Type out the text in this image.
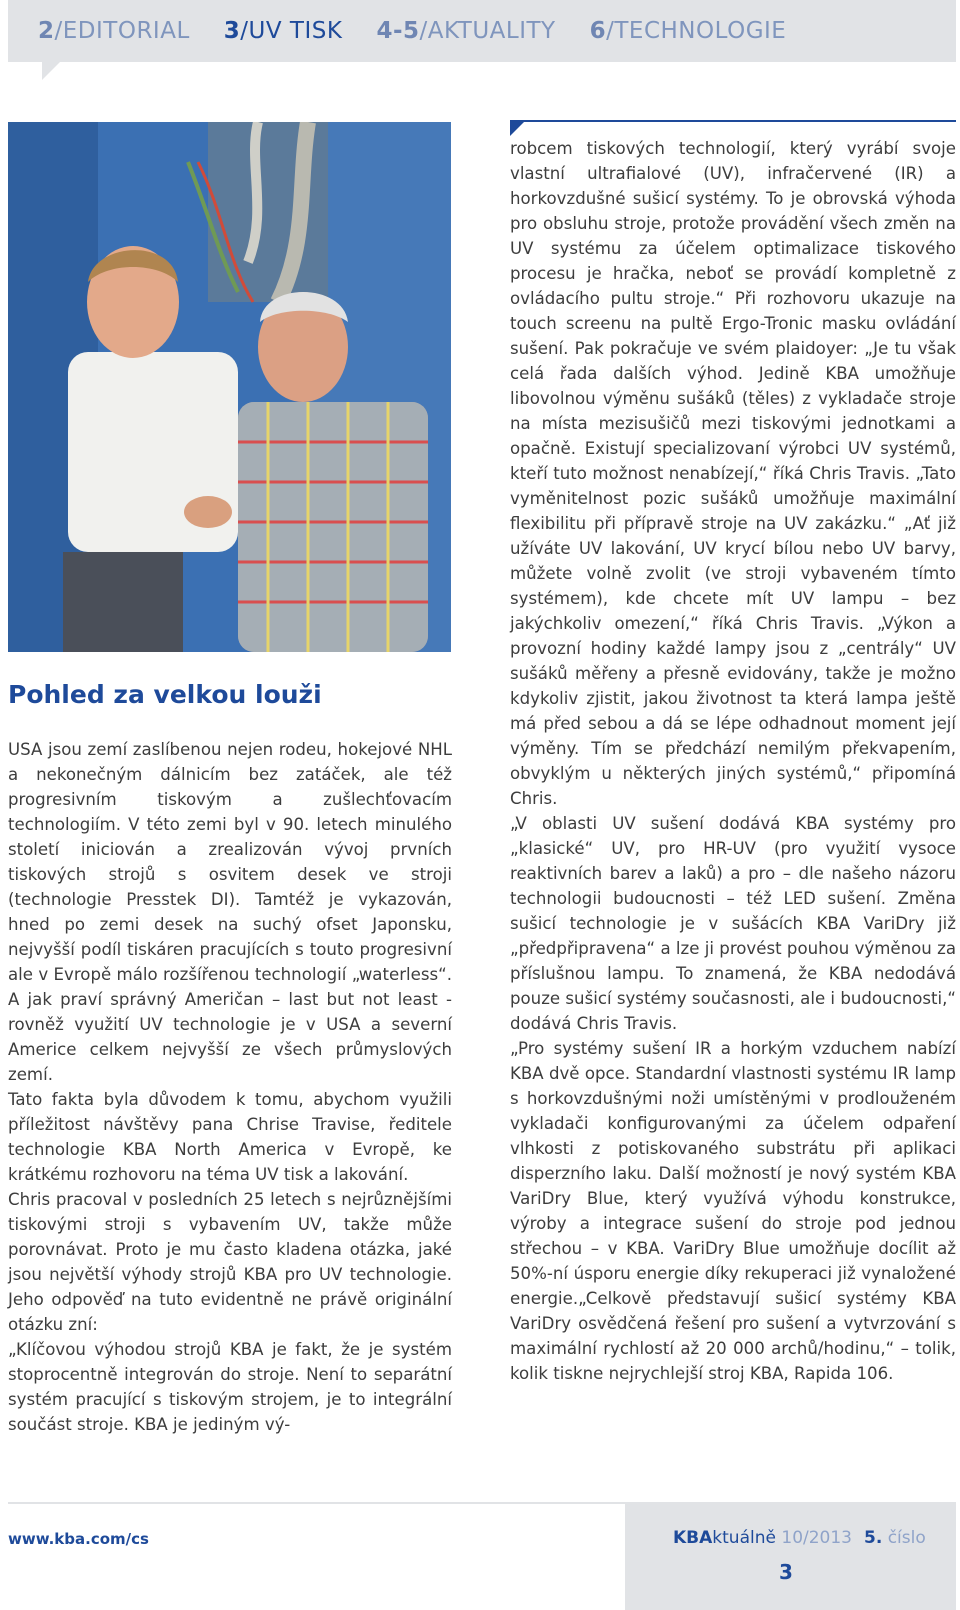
2/EDITORIAL 3/UV TISK 4-5/AKTUALITY 6/TECHNOLOGIE
Pohled za velkou louži

USA jsou zemí zaslíbenou nejen rodeu, hokejové NHL a nekonečným dálnicím bez zatáček, ale též progresivním tiskovým a zušlechťovacím technologiím. V této zemi byl v 90. letech minulého století iniciován a zrealizován vývoj prvních tiskových strojů s osvitem desek ve stroji (technologie Presstek DI). Tamtéž je vykazován, hned po zemi desek na suchý ofset Japonsku, nejvyšší podíl tiskáren pracujících s touto progresivní ale v Evropě málo rozšířenou technologií „waterless“. A jak praví správný Američan – last but not least - rovněž využití UV technologie je v USA a severní Americe celkem nejvyšší ze všech průmyslových zemí.

Tato fakta byla důvodem k tomu, abychom využili příležitost návštěvy pana Chrise Travise, ředitele technologie KBA North America v Evropě, ke krátkému rozhovoru na téma UV tisk a lakování.

Chris pracoval v posledních 25 letech s nejrůznějšími tiskovými stroji s vybavením UV, takže může porovnávat. Proto je mu často kladena otázka, jaké jsou největší výhody strojů KBA pro UV technologie. Jeho odpověď na tuto evidentně ne právě originální otázku zní:

„Klíčovou výhodou strojů KBA je fakt, že je systém stoprocentně integrován do stroje. Není to separátní systém pracující s tiskovým strojem, je to integrální součást stroje. KBA je jediným vý-

robcem tiskových technologií, který vyrábí svoje vlastní ultrafialové (UV), infračervené (IR) a horkovzdušné sušicí systémy. To je obrovská výhoda pro obsluhu stroje, protože provádění všech změn na UV systému za účelem optimalizace tiskového procesu je hračka, neboť se provádí kompletně z ovládacího pultu stroje.“ Při rozhovoru ukazuje na touch screenu na pultě Ergo-Tronic masku ovládání sušení. Pak pokračuje ve svém plaidoyer: „Je tu však celá řada dalších výhod. Jedině KBA umožňuje libovolnou výměnu sušáků (těles) z vykladače stroje na místa mezisušičů mezi tiskovými jednotkami a opačně. Existují specializovaní výrobci UV systémů, kteří tuto možnost nenabízejí,“ říká Chris Travis. „Tato vyměnitelnost pozic sušáků umožňuje maximální flexibilitu při přípravě stroje na UV zakázku.“ „Ať již užíváte UV lakování, UV krycí bílou nebo UV barvy, můžete volně zvolit (ve stroji vybaveném tímto systémem), kde chcete mít UV lampu – bez jakýchkoliv omezení,“ říká Chris Travis. „Výkon a provozní hodiny každé lampy jsou z „centrály“ UV sušáků měřeny a přesně evidovány, takže je možno kdykoliv zjistit, jakou životnost ta která lampa ještě má před sebou a dá se lépe odhadnout moment její výměny. Tím se předchází nemilým překvapením, obvyklým u některých jiných systémů,“ připomíná Chris.

„V oblasti UV sušení dodává KBA systémy pro „klasické“ UV, pro HR-UV (pro využití vysoce reaktivních barev a laků) a pro – dle našeho názoru technologii budoucnosti – též LED sušení. Změna sušicí technologie je v sušácích KBA VariDry již „předpřipravena“ a lze ji provést pouhou výměnou za příslušnou lampu. To znamená, že KBA nedodává pouze sušicí systémy současnosti, ale i budoucnosti,“ dodává Chris Travis.

„Pro systémy sušení IR a horkým vzduchem nabízí KBA dvě opce. Standardní vlastnosti systému IR lamp s horkovzdušnými noži umístěnými v prodlouženém vykladači konfigurovanými za účelem odpaření vlhkosti z potiskovaného substrátu při aplikaci disperzního laku. Další možností je nový systém KBA VariDry Blue, který využívá výhodu konstrukce, výroby a integrace sušení do stroje pod jednou střechou – v KBA. VariDry Blue umožňuje docílit až 50%-ní úsporu energie díky rekuperaci již vynaložené energie.„Celkově představují sušicí systémy KBA VariDry osvědčená řešení pro sušení a vytvrzování s maximální rychlostí až 20 000 archů/hodinu,“ – tolik, kolik tiskne nejrychlejší stroj KBA, Rapida 106.

www.kba.com/cs	KBAktuálně 10/2013 5. číslo
3
